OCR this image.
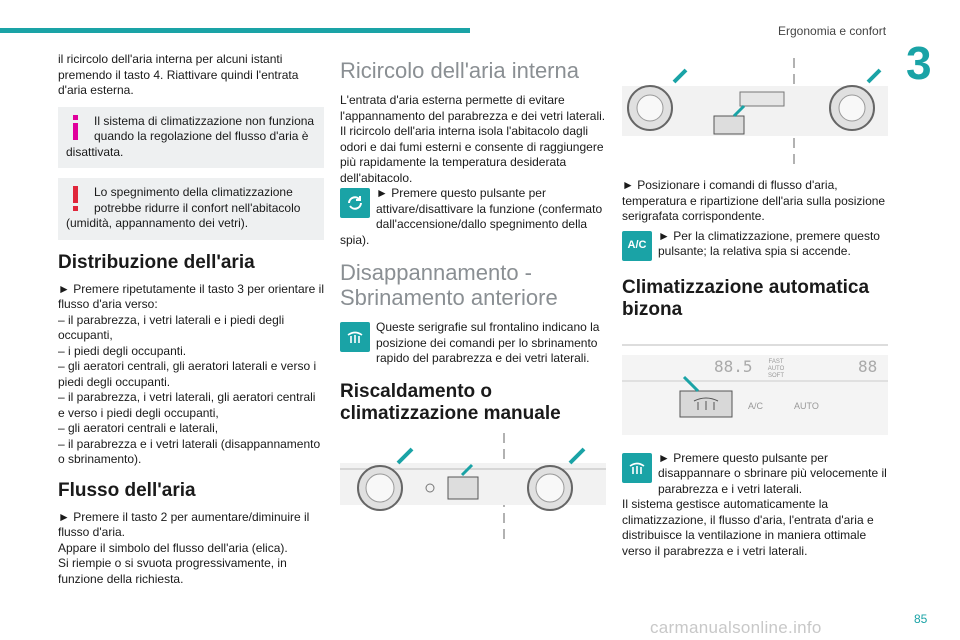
Ergonomia e confort
3

il ricircolo dell'aria interna per alcuni istanti premendo il tasto 4. Riattivare quindi l'entrata d'aria esterna.

Il sistema di climatizzazione non funziona quando la regolazione del flusso d'aria è disattivata.
Lo spegnimento della climatizzazione potrebbe ridurre il confort nell'abitacolo (umidità, appannamento dei vetri).
Distribuzione dell'aria

► Premere ripetutamente il tasto 3 per orientare il flusso d'aria verso:

– il parabrezza, i vetri laterali e i piedi degli occupanti,

– i piedi degli occupanti.

– gli aeratori centrali, gli aeratori laterali e verso i piedi degli occupanti.

– il parabrezza, i vetri laterali, gli aeratori centrali e verso i piedi degli occupanti,

– gli aeratori centrali e laterali,

– il parabrezza e i vetri laterali (disappannamento o sbrinamento).

Flusso dell'aria

► Premere il tasto 2 per aumentare/diminuire il flusso d'aria.

Appare il simbolo del flusso dell'aria (elica).

Si riempie o si svuota progressivamente, in funzione della richiesta.

Ricircolo dell'aria interna

L'entrata d'aria esterna permette di evitare l'appannamento del parabrezza e dei vetri laterali.

Il ricircolo dell'aria interna isola l'abitacolo dagli odori e dai fumi esterni e consente di raggiungere più rapidamente la temperatura desiderata dell'abitacolo.

► Premere questo pulsante per attivare/disattivare la funzione (confermato dall'accensione/dallo spegnimento della spia).
Disappannamento - Sbrinamento anteriore
Queste serigrafie sul frontalino indicano la posizione dei comandi per lo sbrinamento rapido del parabrezza e dei vetri laterali.
Riscaldamento o climatizzazione manuale

► Posizionare i comandi di flusso d'aria, temperatura e ripartizione dell'aria sulla posizione serigrafata corrispondente.

A/C
► Per la climatizzazione, premere questo pulsante; la relativa spia si accende.
Climatizzazione automatica bizona
88.5	FAST AUTO SOFT	88
A/C	AUTO
► Premere questo pulsante per disappannare o sbrinare più velocemente il parabrezza e i vetri laterali.

Il sistema gestisce automaticamente la climatizzazione, il flusso d'aria, l'entrata d'aria e distribuisce la ventilazione in maniera ottimale verso il parabrezza e i vetri laterali.

carmanualsonline.info	85
